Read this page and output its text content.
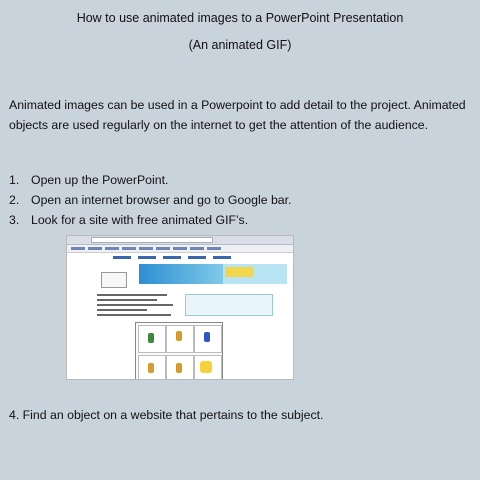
How to use animated images to a PowerPoint Presentation
(An animated GIF)
Animated images can be used in a Powerpoint to add detail to the project. Animated objects are used regularly on the internet to get the attention of the audience.
1. Open up the PowerPoint.
2. Open an internet browser and go to Google bar.
3. Look for a site with free animated GIF’s.
4. Find an object on a website that pertains to the subject.
